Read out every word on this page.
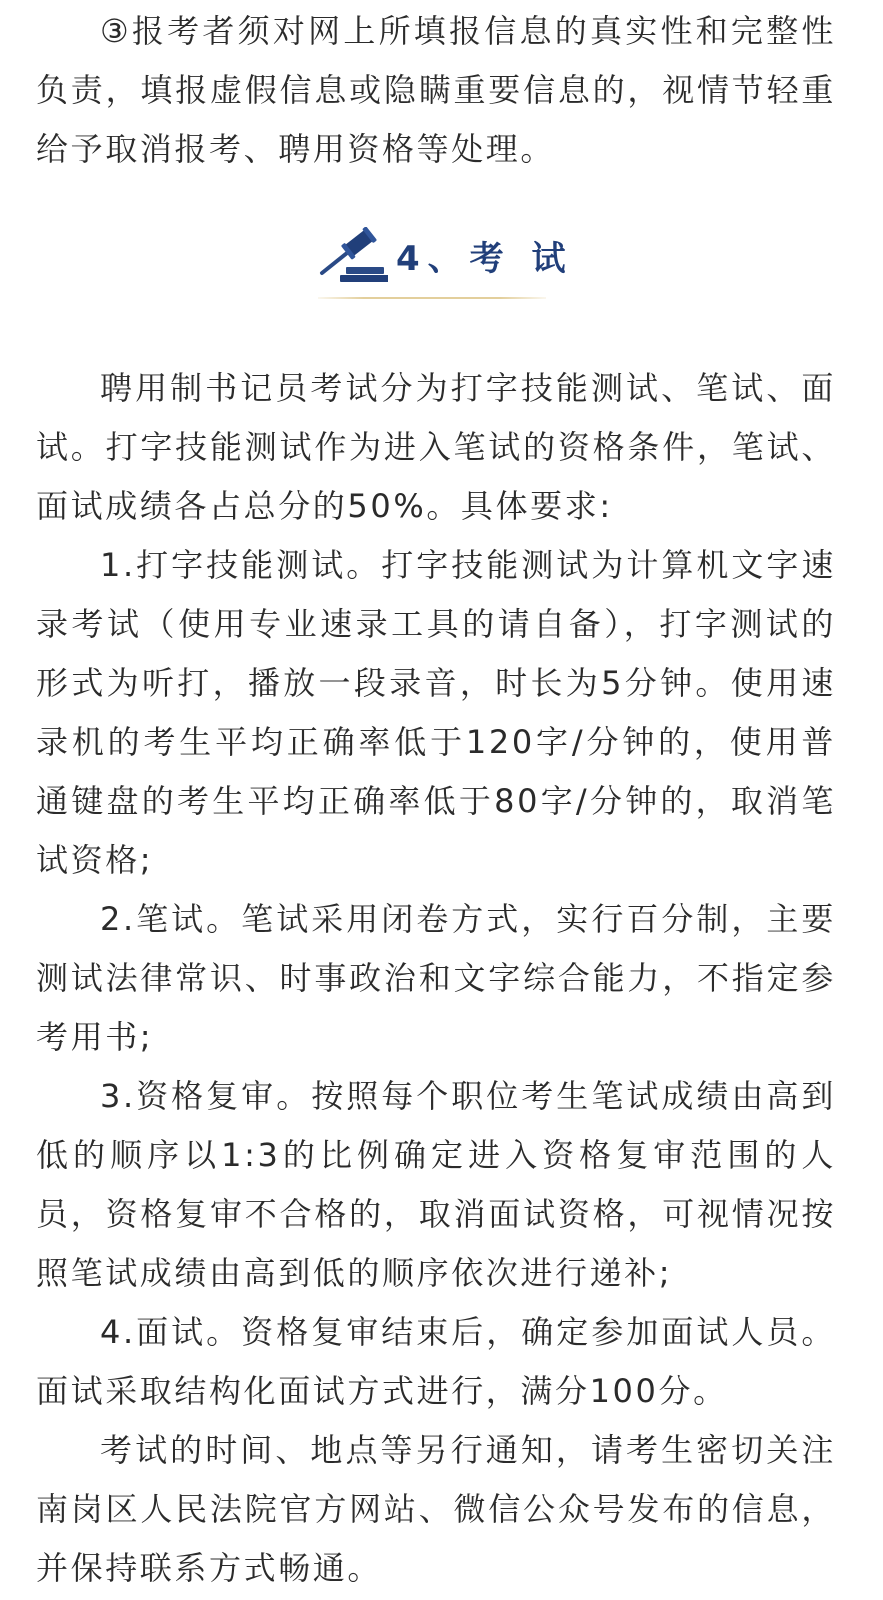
③报考者须对网上所填报信息的真实性和完整性负责，填报虚假信息或隐瞒重要信息的，视情节轻重给予取消报考、聘用资格等处理。

4、考 试

聘用制书记员考试分为打字技能测试、笔试、面试。打字技能测试作为进入笔试的资格条件，笔试、面试成绩各占总分的50%。具体要求:

1.打字技能测试。打字技能测试为计算机文字速录考试（使用专业速录工具的请自备），打字测试的形式为听打，播放一段录音，时长为5分钟。使用速录机的考生平均正确率低于120字/分钟的，使用普通键盘的考生平均正确率低于80字/分钟的，取消笔试资格;

2.笔试。笔试采用闭卷方式，实行百分制，主要测试法律常识、时事政治和文字综合能力，不指定参考用书;

3.资格复审。按照每个职位考生笔试成绩由高到低的顺序以1:3的比例确定进入资格复审范围的人员，资格复审不合格的，取消面试资格，可视情况按照笔试成绩由高到低的顺序依次进行递补;

4.面试。资格复审结束后，确定参加面试人员。面试采取结构化面试方式进行，满分100分。

考试的时间、地点等另行通知，请考生密切关注南岗区人民法院官方网站、微信公众号发布的信息，并保持联系方式畅通。
